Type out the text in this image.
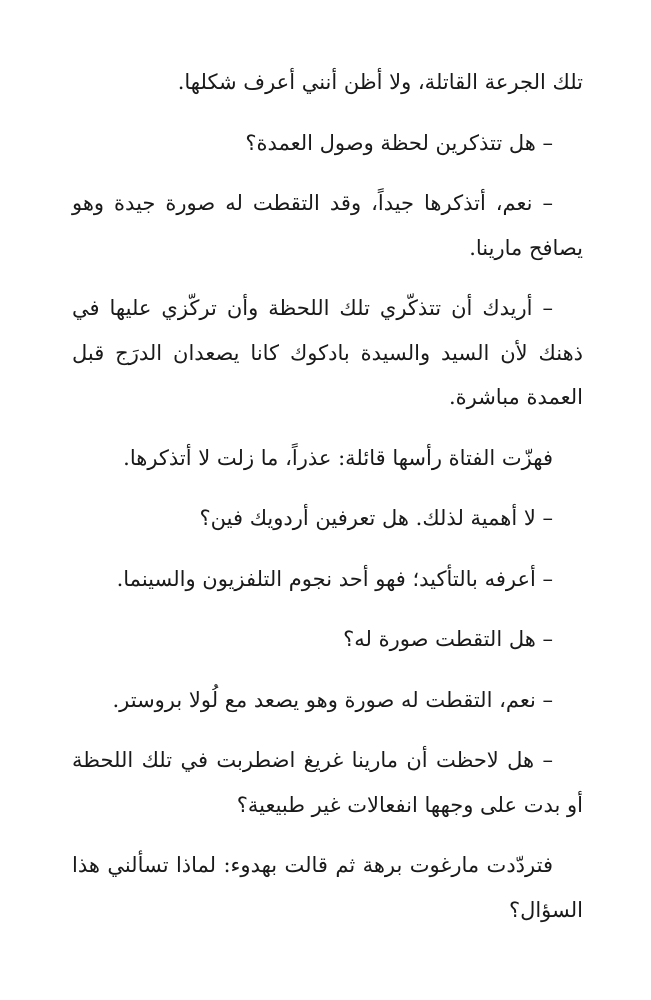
تلك الجرعة القاتلة، ولا أظن أنني أعرف شكلها.

– هل تتذكرين لحظة وصول العمدة؟

– نعم، أتذكرها جيداً، وقد التقطت له صورة جيدة وهو يصافح مارينا.

– أريدك أن تتذكّري تلك اللحظة وأن تركّزي عليها في ذهنك لأن السيد والسيدة بادكوك كانا يصعدان الدرَج قبل العمدة مباشرة.

فهزّت الفتاة رأسها قائلة: عذراً، ما زلت لا أتذكرها.

– لا أهمية لذلك. هل تعرفين أردويك فين؟

– أعرفه بالتأكيد؛ فهو أحد نجوم التلفزيون والسينما.

– هل التقطت صورة له؟

– نعم، التقطت له صورة وهو يصعد مع لُولا بروستر.

– هل لاحظت أن مارينا غريغ اضطربت في تلك اللحظة أو بدت على وجهها انفعالات غير طبيعية؟

فتردّدت مارغوت برهة ثم قالت بهدوء: لماذا تسألني هذا السؤال؟
